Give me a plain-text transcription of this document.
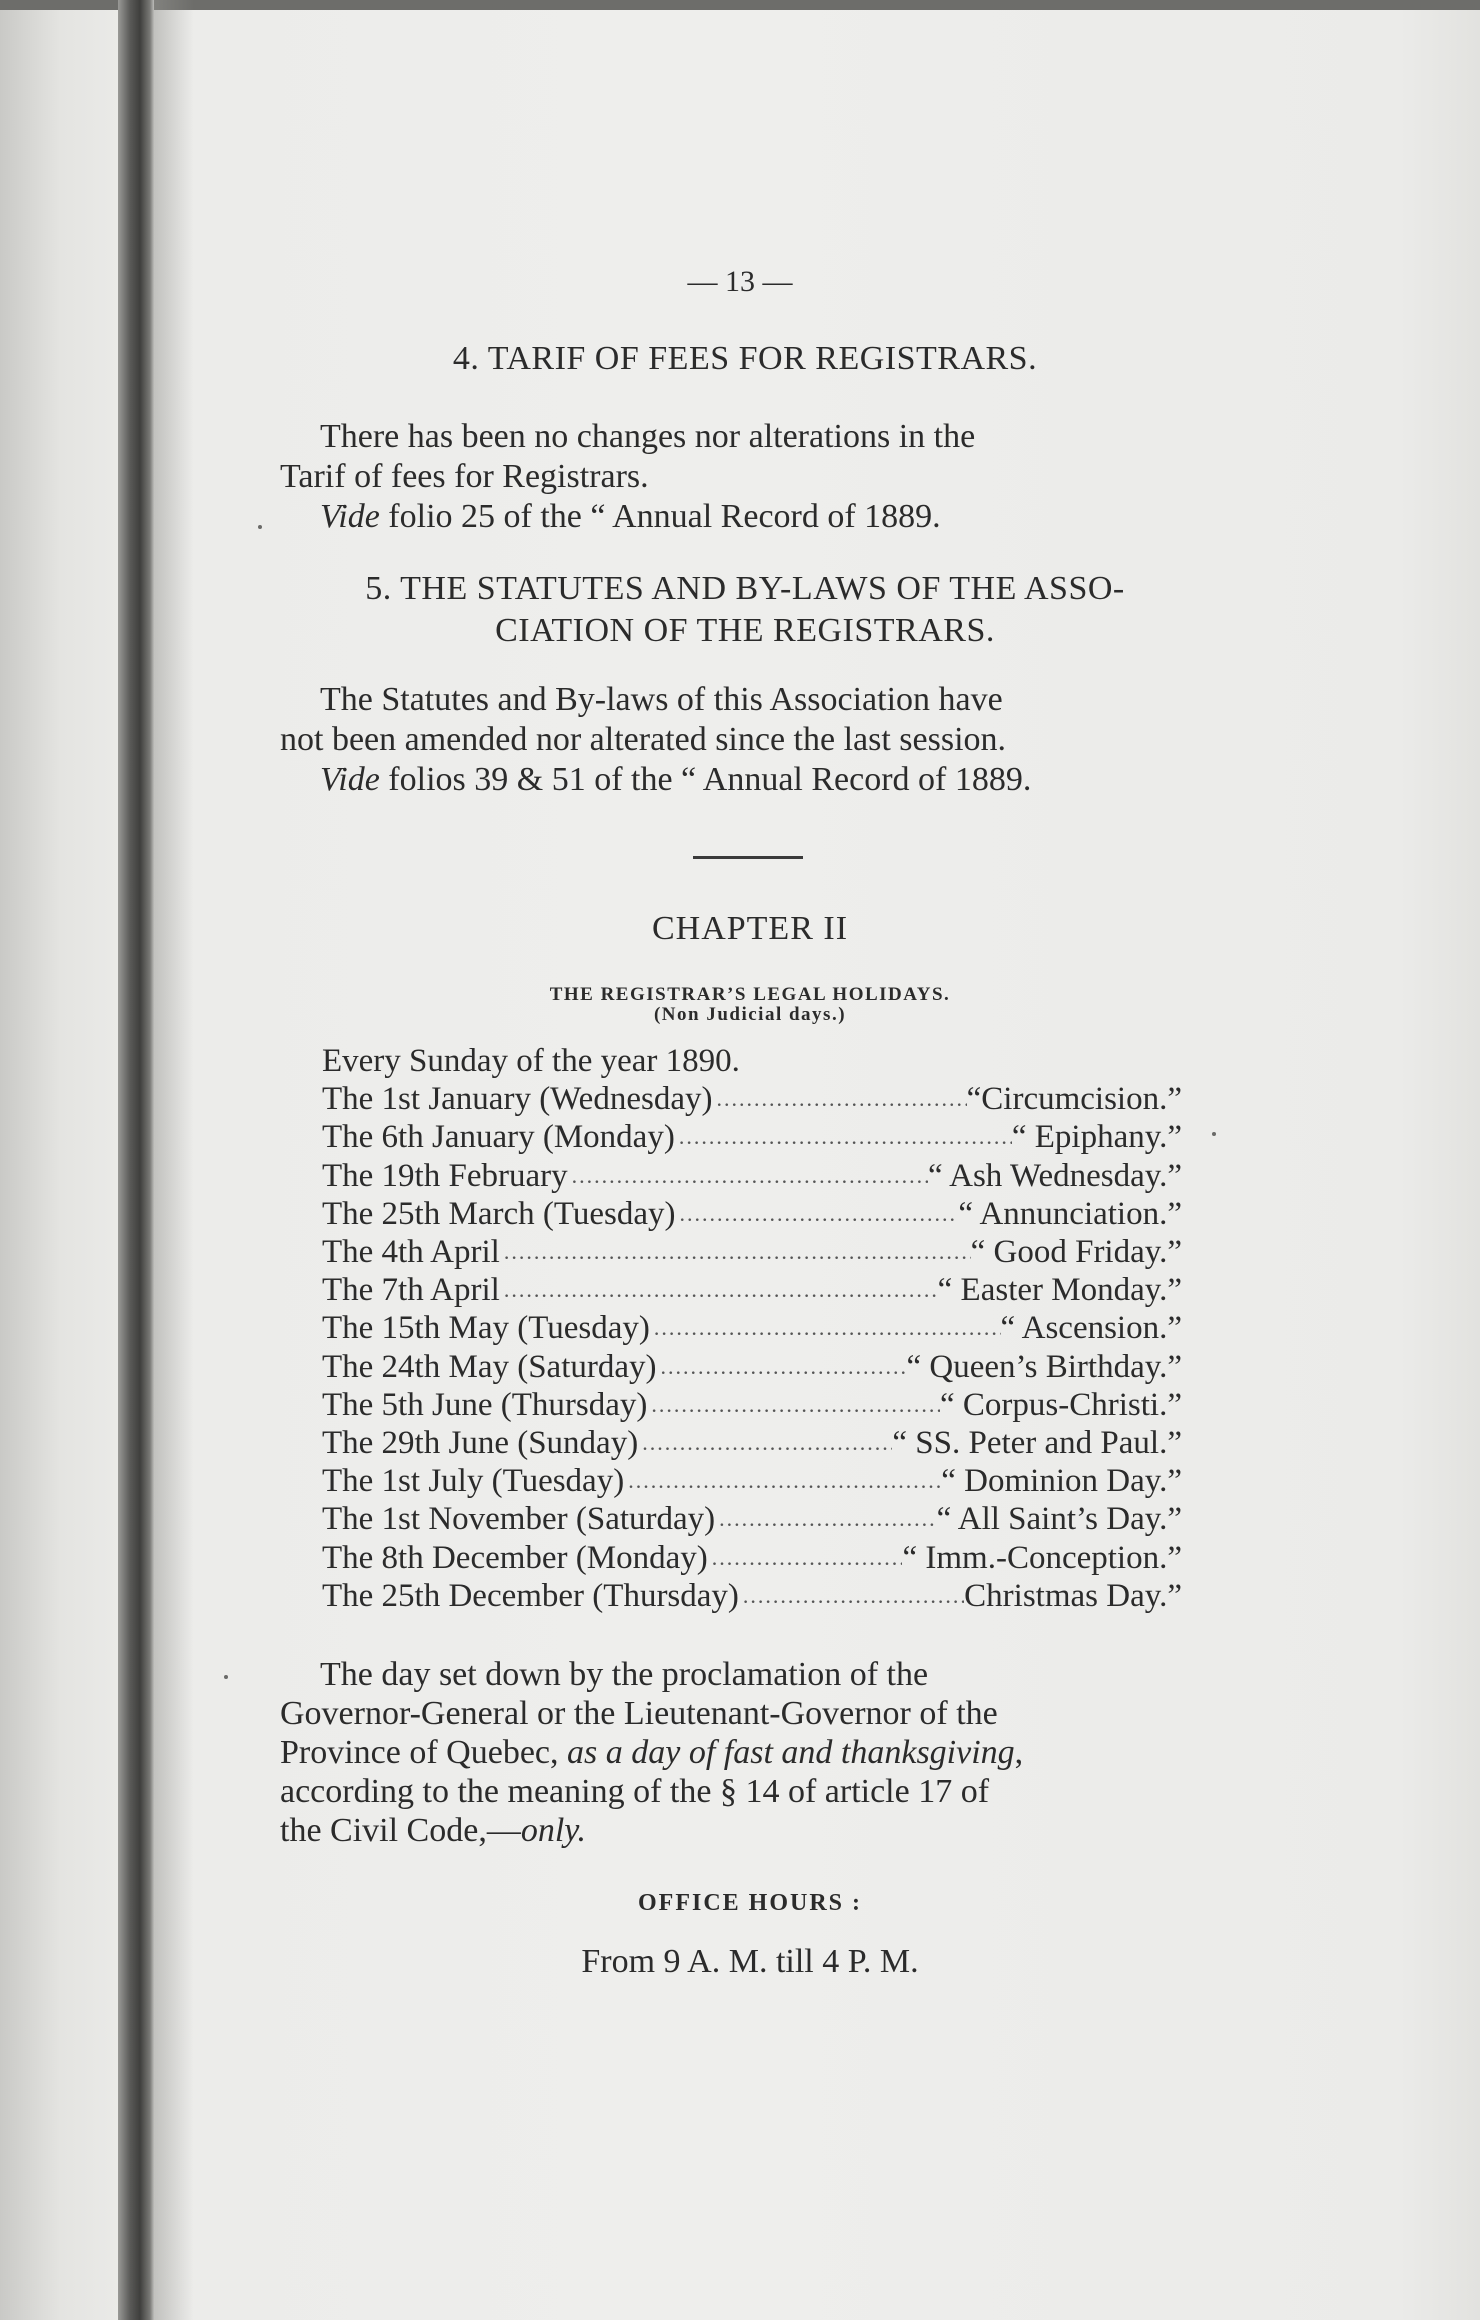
— 13 —
4. TARIF OF FEES FOR REGISTRARS.
There has been no changes nor alterations in the
Tarif of fees for Registrars.
Vide folio 25 of the “ Annual Record of 1889.
5. THE STATUTES AND BY-LAWS OF THE ASSO-
CIATION OF THE REGISTRARS.
The Statutes and By-laws of this Association have
not been amended nor alterated since the last session.
Vide folios 39 & 51 of the “ Annual Record of 1889.
CHAPTER II
THE REGISTRAR’S LEGAL HOLIDAYS.
(Non Judicial days.)
Every Sunday of the year 1890.
The 1st January (Wednesday) .....	“Circumcision.”
The 6th January (Monday) .....	“ Epiphany.”
The 19th February .....	“ Ash Wednesday.”
The 25th March (Tuesday) .....	“ Annunciation.”
The 4th April .....	“ Good Friday.”
The 7th April .....	“ Easter Monday.”
The 15th May (Tuesday) .....	“ Ascension.”
The 24th May (Saturday) .....	“ Queen’s Birthday.”
The 5th June (Thursday) .....	“ Corpus-Christi.”
The 29th June (Sunday) .....	“ SS. Peter and Paul.”
The 1st July (Tuesday) .....	“ Dominion Day.”
The 1st November (Saturday) .....	“ All Saint’s Day.”
The 8th December (Monday) .....	“ Imm.-Conception.”
The 25th December (Thursday) .....	Christmas Day.”
The day set down by the proclamation of the
Governor-General or the Lieutenant-Governor of the
Province of Quebec, as a day of fast and thanksgiving,
according to the meaning of the § 14 of article 17 of
the Civil Code,—only.
OFFICE HOURS :
From 9 A. M. till 4 P. M.
